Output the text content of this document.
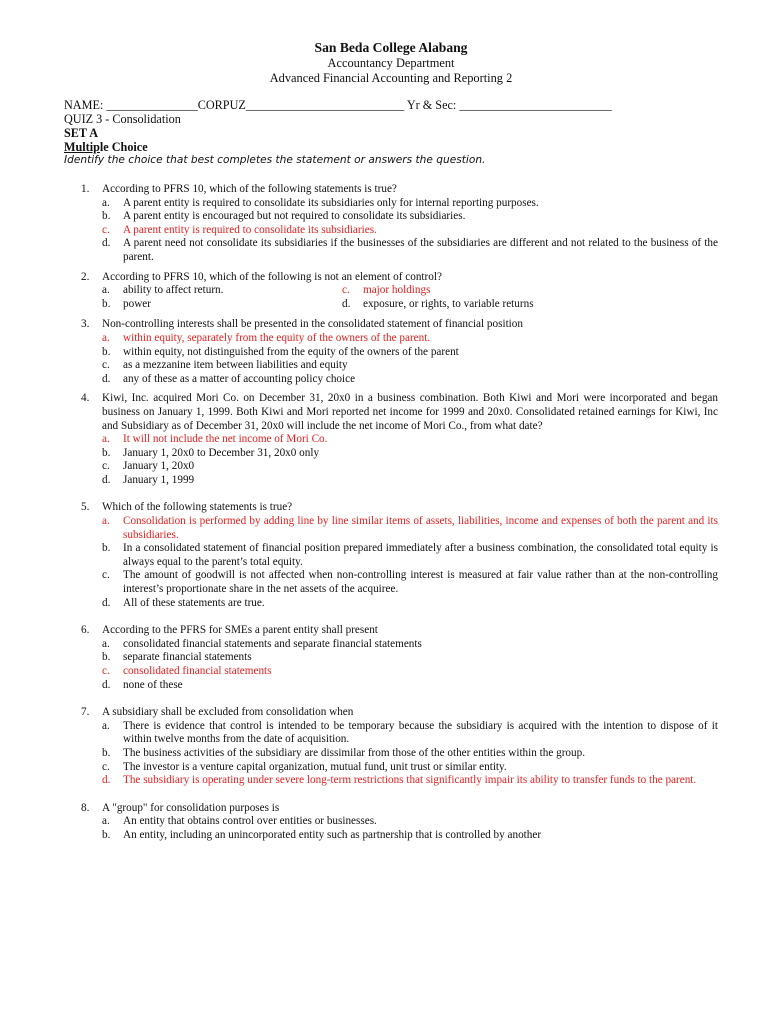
San Beda College Alabang
Accountancy Department
Advanced Financial Accounting and Reporting 2
NAME: _______________CORPUZ__________________________ Yr & Sec: _________________________
QUIZ 3 - Consolidation
SET A
Multiple Choice
Identify the choice that best completes the statement or answers the question.
1. According to PFRS 10, which of the following statements is true?
a. A parent entity is required to consolidate its subsidiaries only for internal reporting purposes.
b. A parent entity is encouraged but not required to consolidate its subsidiaries.
c. A parent entity is required to consolidate its subsidiaries.
d. A parent need not consolidate its subsidiaries if the businesses of the subsidiaries are different and not related to the business of the parent.
2. According to PFRS 10, which of the following is not an element of control?
a. ability to affect return.
b. power
c. major holdings
d. exposure, or rights, to variable returns
3. Non-controlling interests shall be presented in the consolidated statement of financial position
a. within equity, separately from the equity of the owners of the parent.
b. within equity, not distinguished from the equity of the owners of the parent
c. as a mezzanine item between liabilities and equity
d. any of these as a matter of accounting policy choice
4. Kiwi, Inc. acquired Mori Co. on December 31, 20x0 in a business combination. Both Kiwi and Mori were incorporated and began business on January 1, 1999. Both Kiwi and Mori reported net income for 1999 and 20x0. Consolidated retained earnings for Kiwi, Inc and Subsidiary as of December 31, 20x0 will include the net income of Mori Co., from what date?
a. It will not include the net income of Mori Co.
b. January 1, 20x0 to December 31, 20x0 only
c. January 1, 20x0
d. January 1, 1999
5. Which of the following statements is true?
a. Consolidation is performed by adding line by line similar items of assets, liabilities, income and expenses of both the parent and its subsidiaries.
b. In a consolidated statement of financial position prepared immediately after a business combination, the consolidated total equity is always equal to the parent’s total equity.
c. The amount of goodwill is not affected when non-controlling interest is measured at fair value rather than at the non-controlling interest’s proportionate share in the net assets of the acquiree.
d. All of these statements are true.
6. According to the PFRS for SMEs a parent entity shall present
a. consolidated financial statements and separate financial statements
b. separate financial statements
c. consolidated financial statements
d. none of these
7. A subsidiary shall be excluded from consolidation when
a. There is evidence that control is intended to be temporary because the subsidiary is acquired with the intention to dispose of it within twelve months from the date of acquisition.
b. The business activities of the subsidiary are dissimilar from those of the other entities within the group.
c. The investor is a venture capital organization, mutual fund, unit trust or similar entity.
d. The subsidiary is operating under severe long-term restrictions that significantly impair its ability to transfer funds to the parent.
8. A "group" for consolidation purposes is
a. An entity that obtains control over entities or businesses.
b. An entity, including an unincorporated entity such as partnership that is controlled by another
